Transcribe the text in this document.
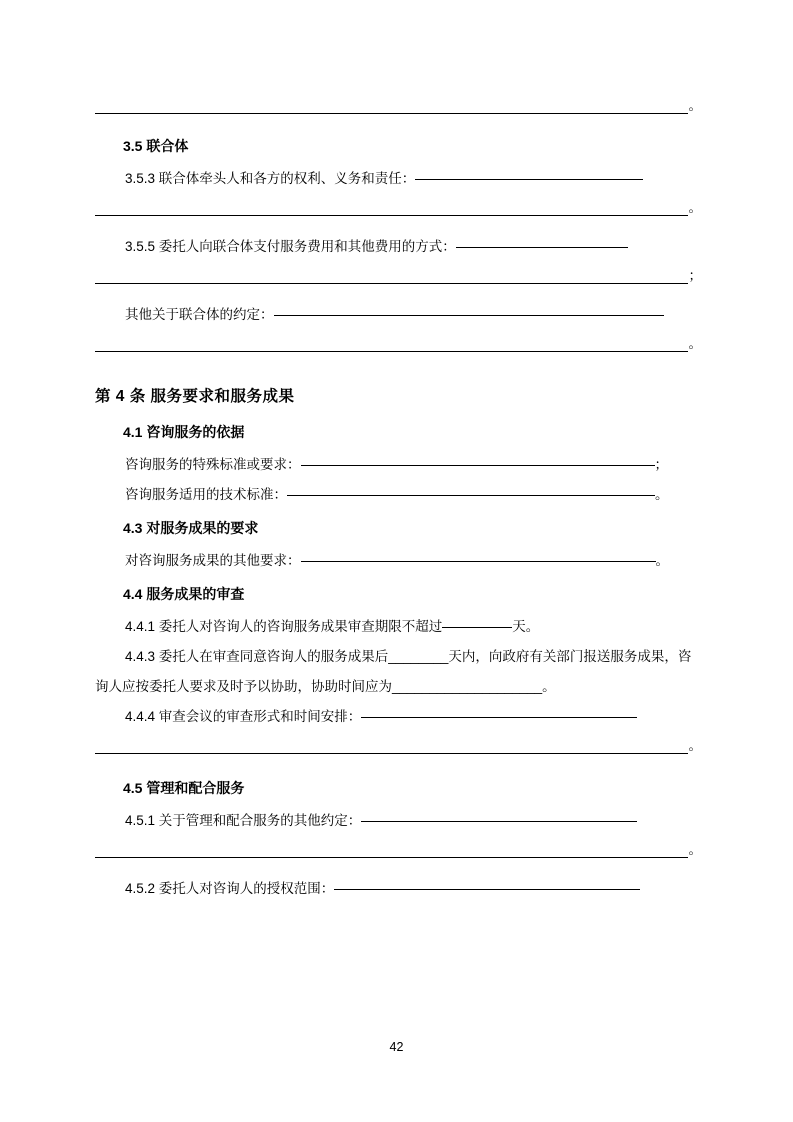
。
3.5 联合体
3.5.3 联合体牵头人和各方的权利、义务和责任：
。
3.5.5 委托人向联合体支付服务费用和其他费用的方式：
；
其他关于联合体的约定：
。
第 4 条 服务要求和服务成果
4.1 咨询服务的依据
咨询服务的特殊标准或要求：	；
咨询服务适用的技术标准：	。
4.3 对服务成果的要求
对咨询服务成果的其他要求：	。
4.4 服务成果的审查
4.4.1 委托人对咨询人的咨询服务成果审查期限不超过	天。
4.4.3 委托人在审查同意咨询人的服务成果后________天内，向政府有关部门报送服务成果，咨询人应按委托人要求及时予以协助，协助时间应为____________________。
4.4.4 审查会议的审查形式和时间安排：
。
4.5 管理和配合服务
4.5.1 关于管理和配合服务的其他约定：
。
4.5.2 委托人对咨询人的授权范围：
42
